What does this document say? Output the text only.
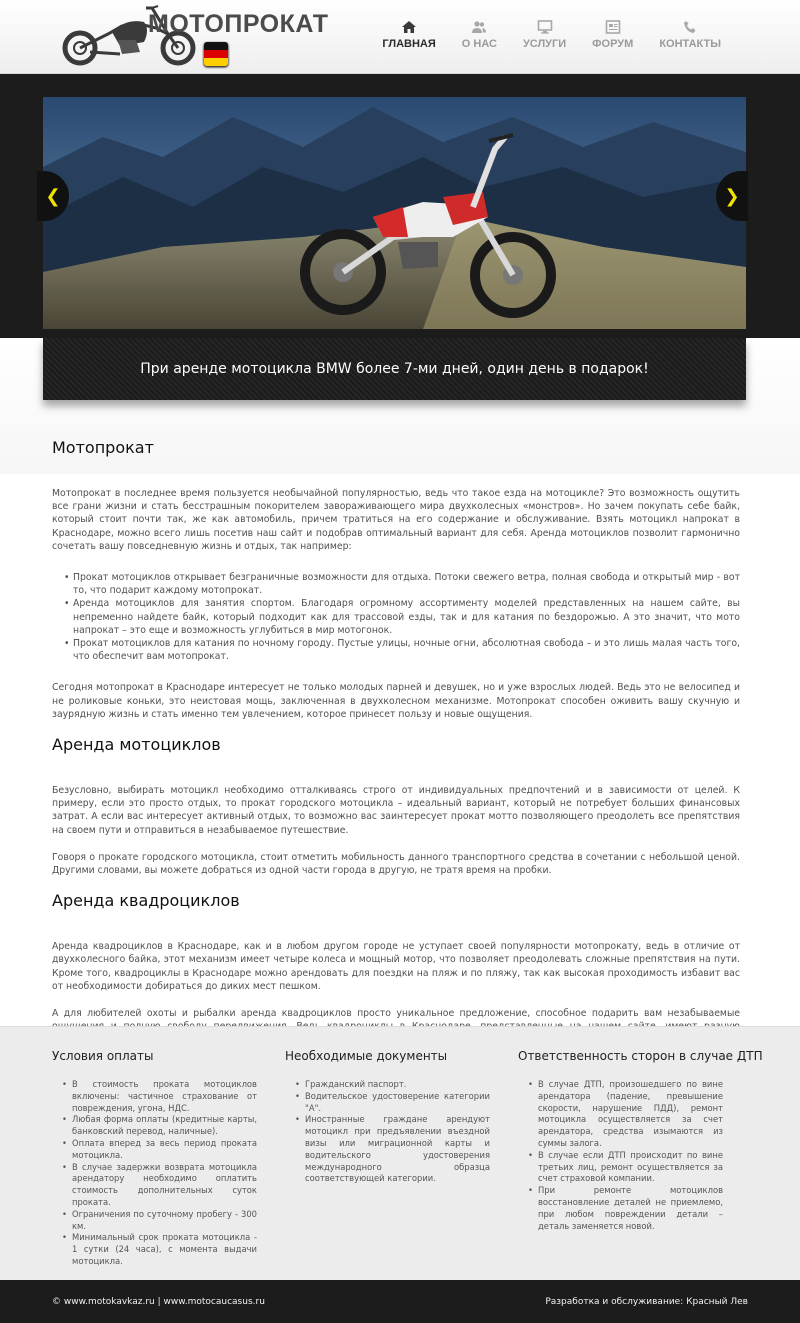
МОТОПРОКАТ
ГЛАВНАЯ О НАС УСЛУГИ ФОРУМ КОНТАКТЫ
❮	❯
При аренде мотоцикла BMW более 7-ми дней, один день в подарок!
Мотопрокат

Мотопрокат в последнее время пользуется необычайной популярностью, ведь что такое езда на мотоцикле? Это возможность ощутить все грани жизни и стать бесстрашным покорителем завораживающего мира двухколесных «монстров». Но зачем покупать себе байк, который стоит почти так, же как автомобиль, причем тратиться на его содержание и обслуживание. Взять мотоцикл напрокат в Краснодаре, можно всего лишь посетив наш сайт и подобрав оптимальный вариант для себя. Аренда мотоциклов позволит гармонично сочетать вашу повседневную жизнь и отдых, так например:

• Прокат мотоциклов открывает безграничные возможности для отдыха. Потоки свежего ветра, полная свобода и открытый мир - вот то, что подарит каждому мотопрокат.
• Аренда мотоциклов для занятия спортом. Благодаря огромному ассортименту моделей представленных на нашем сайте, вы непременно найдете байк, который подходит как для трассовой езды, так и для катания по бездорожью. А это значит, что мото напрокат – это еще и возможность углубиться в мир мотогонок.
• Прокат мотоциклов для катания по ночному городу. Пустые улицы, ночные огни, абсолютная свобода – и это лишь малая часть того, что обеспечит вам мотопрокат.

Сегодня мотопрокат в Краснодаре интересует не только молодых парней и девушек, но и уже взрослых людей. Ведь это не велосипед и не роликовые коньки, это неистовая мощь, заключенная в двухколесном механизме. Мотопрокат способен оживить вашу скучную и заурядную жизнь и стать именно тем увлечением, которое принесет пользу и новые ощущения.

Аренда мотоциклов

Безусловно, выбирать мотоцикл необходимо отталкиваясь строго от индивидуальных предпочтений и в зависимости от целей. К примеру, если это просто отдых, то прокат городского мотоцикла – идеальный вариант, который не потребует больших финансовых затрат. А если вас интересует активный отдых, то возможно вас заинтересует прокат мотто позволяющего преодолеть все препятствия на своем пути и отправиться в незабываемое путешествие.

Говоря о прокате городского мотоцикла, стоит отметить мобильность данного транспортного средства в сочетании с небольшой ценой. Другими словами, вы можете добраться из одной части города в другую, не тратя время на пробки.

Аренда квадроциклов

Аренда квадроциклов в Краснодаре, как и в любом другом городе не уступает своей популярности мотопрокату, ведь в отличие от двухколесного байка, этот механизм имеет четыре колеса и мощный мотор, что позволяет преодолевать сложные препятствия на пути. Кроме того, квадроциклы в Краснодаре можно арендовать для поездки на пляж и по пляжу, так как высокая проходимость избавит вас от необходимости добираться до диких мест пешком.

А для любителей охоты и рыбалки аренда квадроциклов просто уникальное предложение, способное подарить вам незабываемые

Условия оплаты
• В стоимость проката мотоциклов включены: частичное страхование от повреждения, угона, НДС.
• Любая форма оплаты (кредитные карты, банковский перевод, наличные).
• Оплата вперед за весь период проката мотоцикла.
• В случае задержки возврата мотоцикла арендатору необходимо оплатить стоимость дополнительных суток проката.
• Ограничения по суточному пробегу - 300 км.
• Минимальный срок проката мотоцикла - 1 сутки (24 часа), с момента выдачи мотоцикла.
Необходимые документы
• Гражданский паспорт.
• Водительское удостоверение категории "А".
• Иностранные граждане арендуют мотоцикл при предъявлении въездной визы или миграционной карты и водительского удостоверения международного образца соответствующей категории.
Ответственность сторон в случае ДТП
• В случае ДТП, произошедшего по вине арендатора (падение, превышение скорости, нарушение ПДД), ремонт мотоцикла осуществляется за счет арендатора, средства изымаются из суммы залога.
• В случае если ДТП происходит по вине третьих лиц, ремонт осуществляется за счет страховой компании.
• При ремонте мотоциклов восстановление деталей не приемлемо, при любом повреждении детали – деталь заменяется новой.
© www.motokavkaz.ru | www.motocaucasus.ru	Разработка и обслуживание: Красный Лев
